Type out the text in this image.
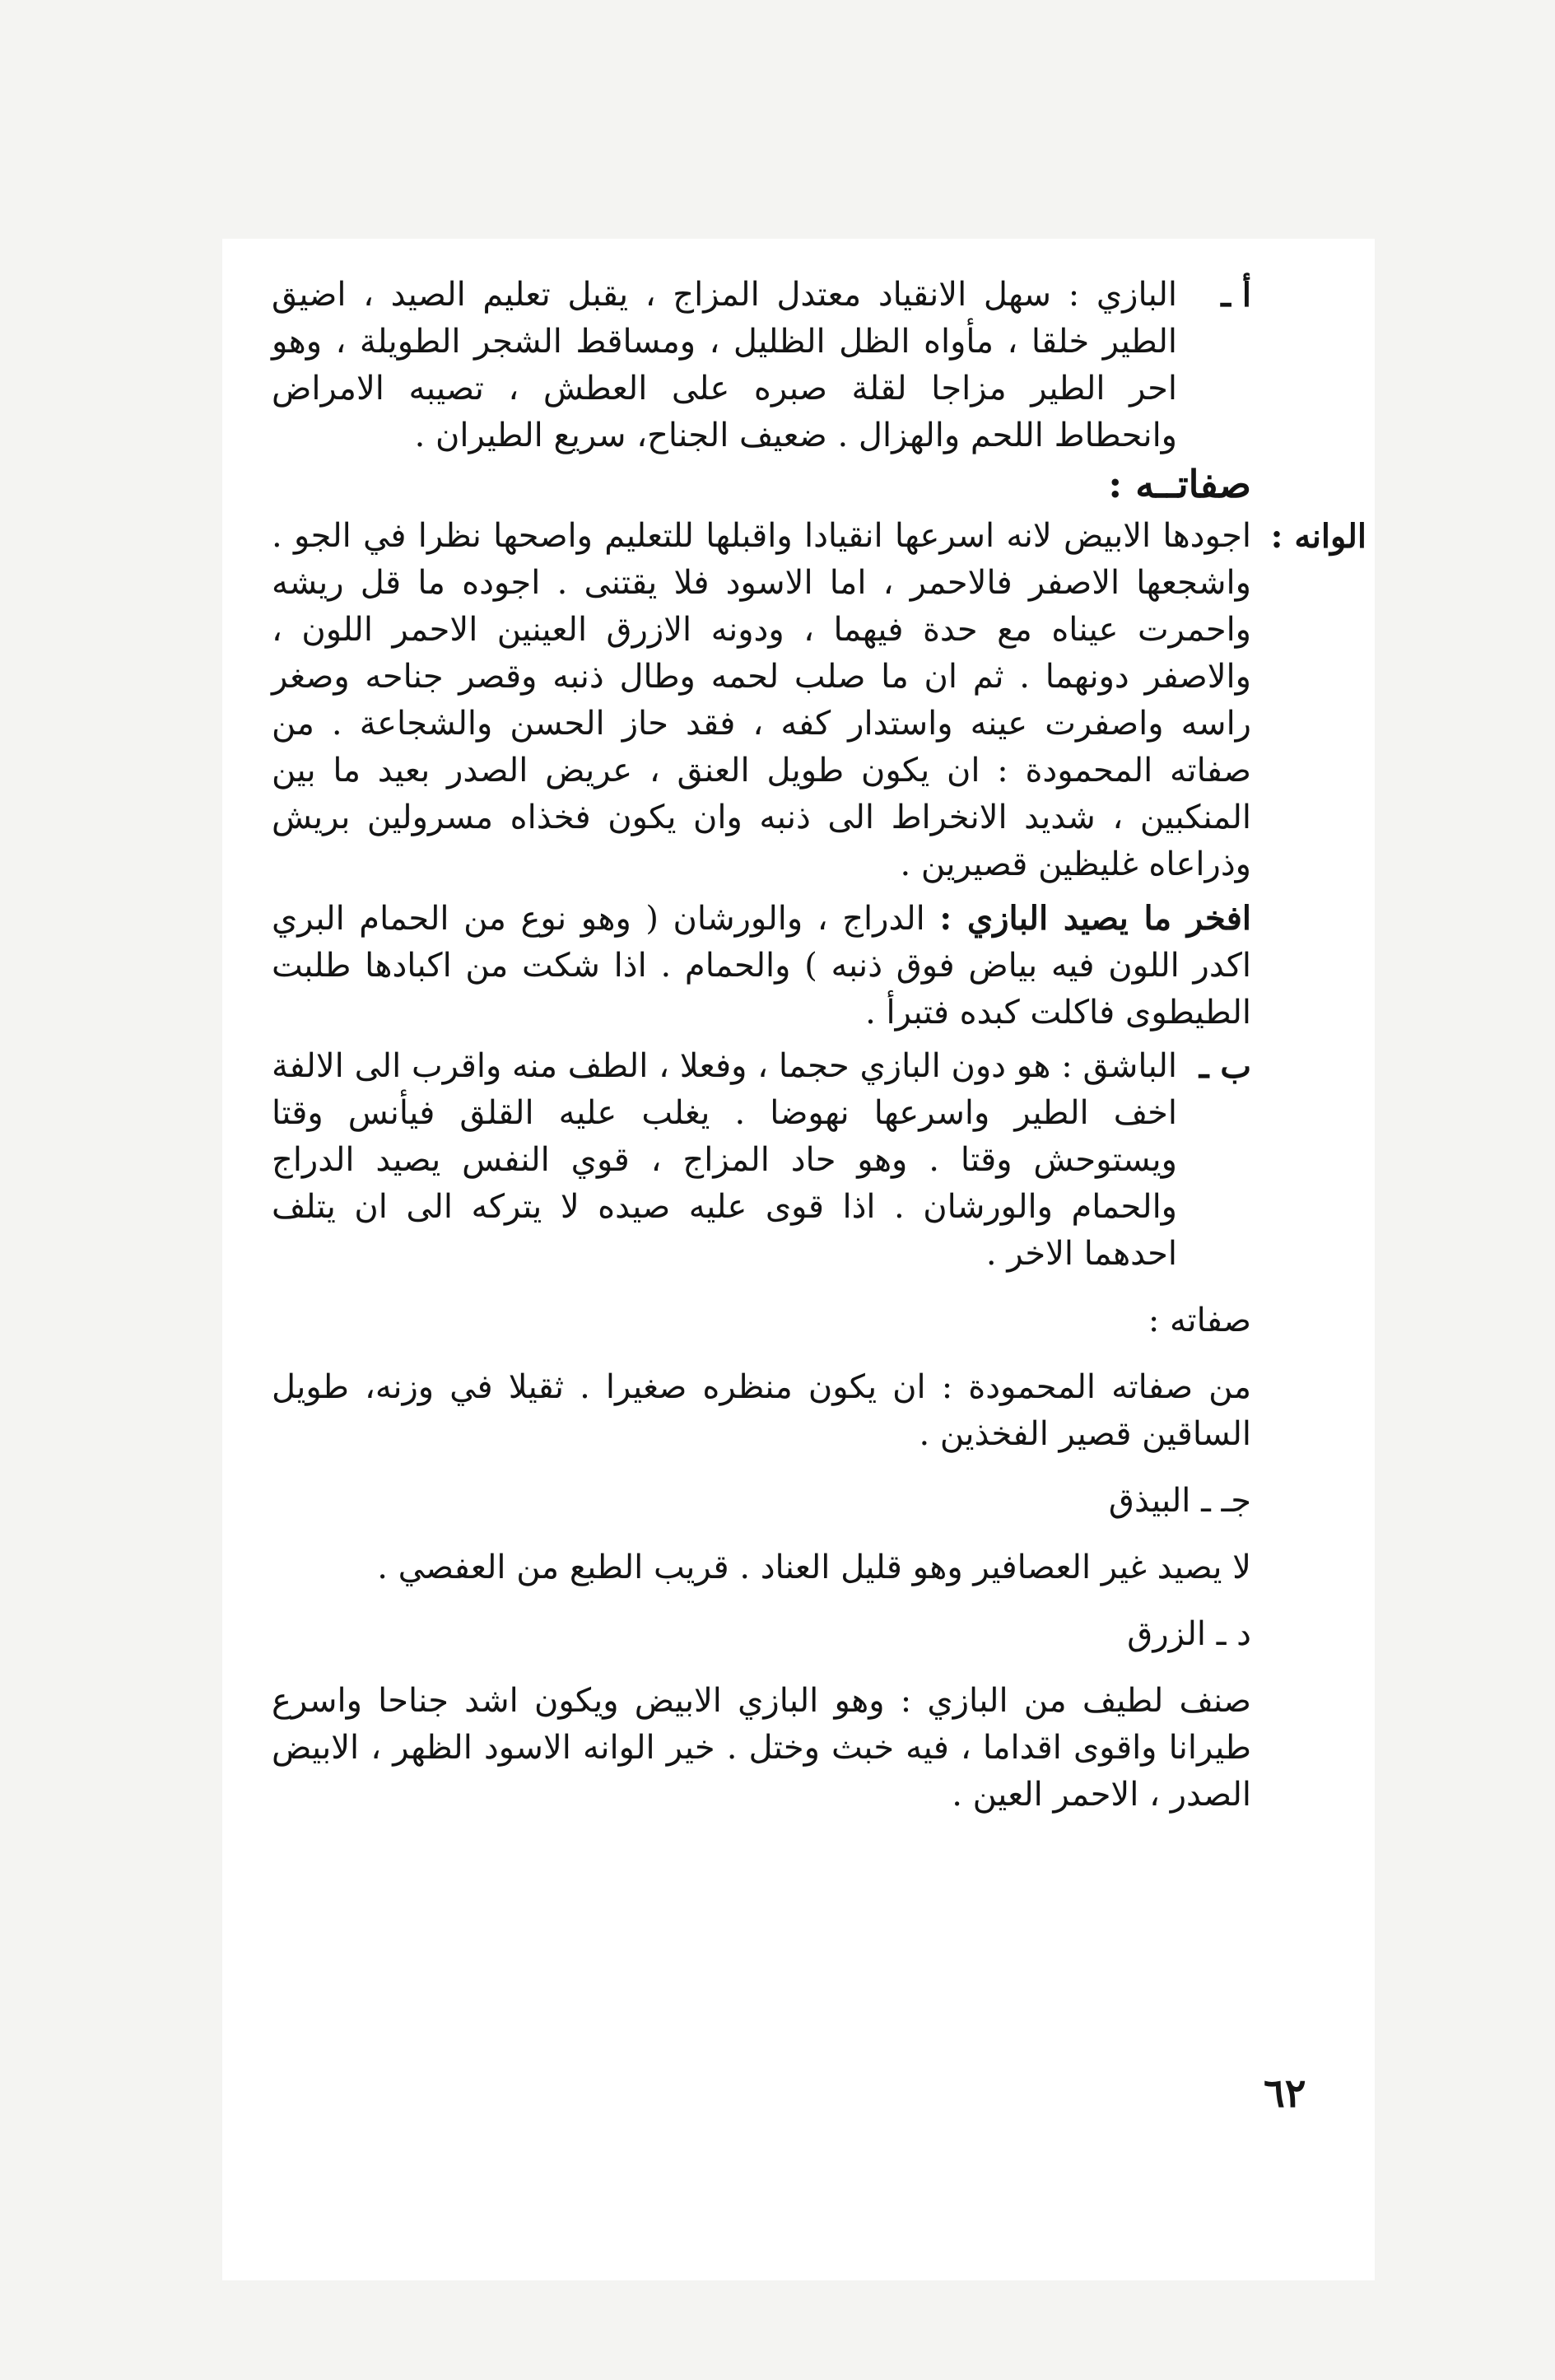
أ ـ
البازي : سهل الانقياد معتدل المزاج ، يقبل تعليم الصيد ، اضيق الطير خلقا ، مأواه الظل الظليل ، ومساقط الشجر الطويلة ، وهو احر الطير مزاجا لقلة صبره على العطش ، تصيبه الامراض وانحطاط اللحم والهزال . ضعيف الجناح، سريع الطيران .

صفاتــه :

الوانه :
اجودها الابيض لانه اسرعها انقيادا واقبلها للتعليم واصحها نظرا في الجو . واشجعها الاصفر فالاحمر ، اما الاسود فلا يقتنى . اجوده ما قل ريشه واحمرت عيناه مع حدة فيهما ، ودونه الازرق العينين الاحمر اللون ، والاصفر دونهما . ثم ان ما صلب لحمه وطال ذنبه وقصر جناحه وصغر راسه واصفرت عينه واستدار كفه ، فقد حاز الحسن والشجاعة . من صفاته المحمودة : ان يكون طويل العنق ، عريض الصدر بعيد ما بين المنكبين ، شديد الانخراط الى ذنبه وان يكون فخذاه مسرولين بريش وذراعاه غليظين قصيرين .

افخر ما يصيد البازي : الدراج ، والورشان ( وهو نوع من الحمام البري اكدر اللون فيه بياض فوق ذنبه ) والحمام . اذا شكت من اكبادها طلبت الطيطوى فاكلت كبده فتبرأ .

ب ـ
الباشق : هو دون البازي حجما ، وفعلا ، الطف منه واقرب الى الالفة اخف الطير واسرعها نهوضا . يغلب عليه القلق فيأنس وقتا ويستوحش وقتا . وهو حاد المزاج ، قوي النفس يصيد الدراج والحمام والورشان . اذا قوى عليه صيده لا يتركه الى ان يتلف احدهما الاخر .

صفاته :

من صفاته المحمودة : ان يكون منظره صغيرا . ثقيلا في وزنه، طويل الساقين قصير الفخذين .

جـ ـ البيذق

لا يصيد غير العصافير وهو قليل العناد . قريب الطبع من العفصي .

د ـ الزرق

صنف لطيف من البازي : وهو البازي الابيض ويكون اشد جناحا واسرع طيرانا واقوى اقداما ، فيه خبث وختل . خير الوانه الاسود الظهر ، الابيض الصدر ، الاحمر العين .

٦٢
